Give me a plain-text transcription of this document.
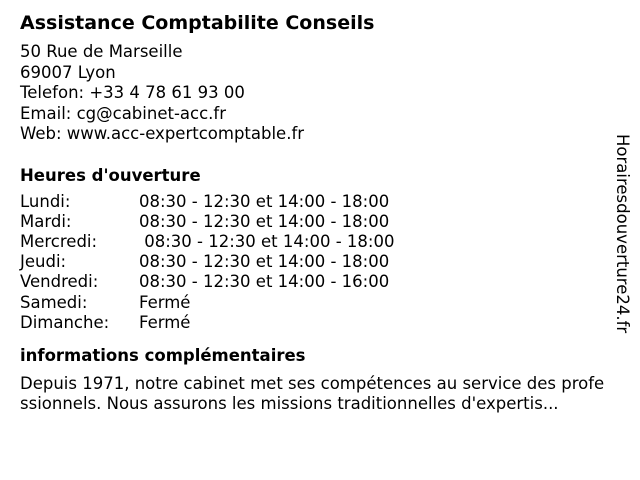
Assistance Comptabilite Conseils
50 Rue de Marseille
69007 Lyon
Telefon: +33 4 78 61 93 00
Email: cg@cabinet-acc.fr
Web: www.acc-expertcomptable.fr
Heures d'ouverture
Lundi:	08:30 - 12:30 et 14:00 - 18:00
Mardi:	08:30 - 12:30 et 14:00 - 18:00
Mercredi:	08:30 - 12:30 et 14:00 - 18:00
Jeudi:	08:30 - 12:30 et 14:00 - 18:00
Vendredi:	08:30 - 12:30 et 14:00 - 16:00
Samedi:	Fermé
Dimanche:	Fermé
informations complémentaires
Depuis 1971, notre cabinet met ses compétences au service des professionnels. Nous assurons les missions traditionnelles d'expertis...
Horairesdouverture24.fr
